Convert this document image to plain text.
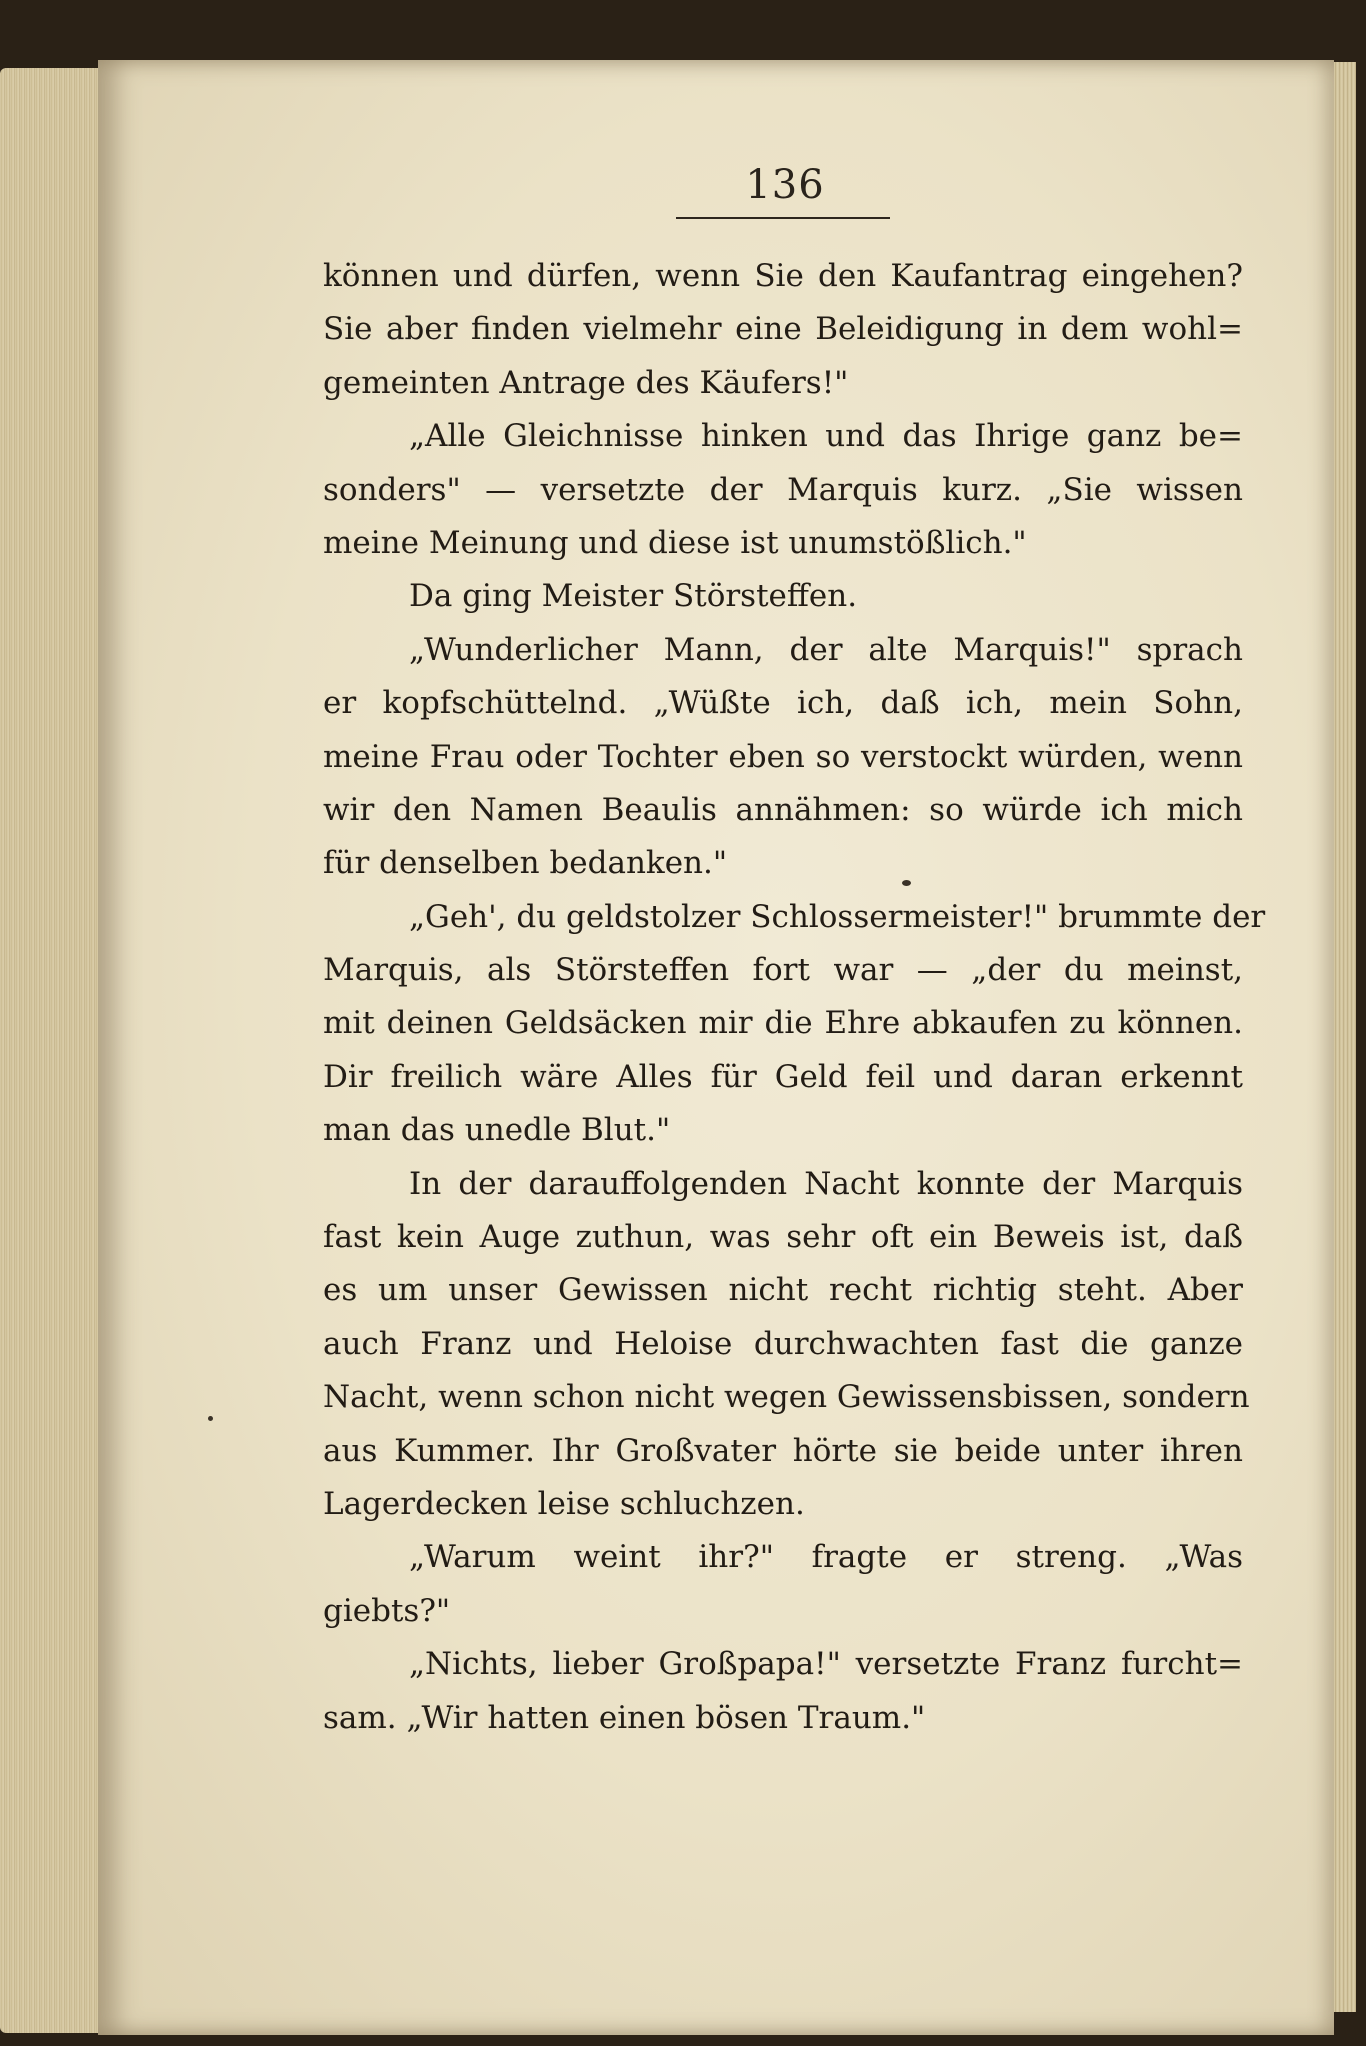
136
können und dürfen, wenn Sie den Kaufantrag eingehen?
Sie aber finden vielmehr eine Beleidigung in dem wohl=
gemeinten Antrage des Käufers!"
„Alle Gleichnisse hinken und das Ihrige ganz be=
sonders" — versetzte der Marquis kurz. „Sie wissen
meine Meinung und diese ist unumstößlich."
Da ging Meister Störsteffen.
„Wunderlicher Mann, der alte Marquis!" sprach
er kopfschüttelnd. „Wüßte ich, daß ich, mein Sohn,
meine Frau oder Tochter eben so verstockt würden, wenn
wir den Namen Beaulis annähmen: so würde ich mich
für denselben bedanken."
„Geh', du geldstolzer Schlossermeister!" brummte der
Marquis, als Störsteffen fort war — „der du meinst,
mit deinen Geldsäcken mir die Ehre abkaufen zu können.
Dir freilich wäre Alles für Geld feil und daran erkennt
man das unedle Blut."
In der darauffolgenden Nacht konnte der Marquis
fast kein Auge zuthun, was sehr oft ein Beweis ist, daß
es um unser Gewissen nicht recht richtig steht. Aber
auch Franz und Heloise durchwachten fast die ganze
Nacht, wenn schon nicht wegen Gewissensbissen, sondern
aus Kummer. Ihr Großvater hörte sie beide unter ihren
Lagerdecken leise schluchzen.
„Warum weint ihr?" fragte er streng. „Was
giebts?"
„Nichts, lieber Großpapa!" versetzte Franz furcht=
sam. „Wir hatten einen bösen Traum."
